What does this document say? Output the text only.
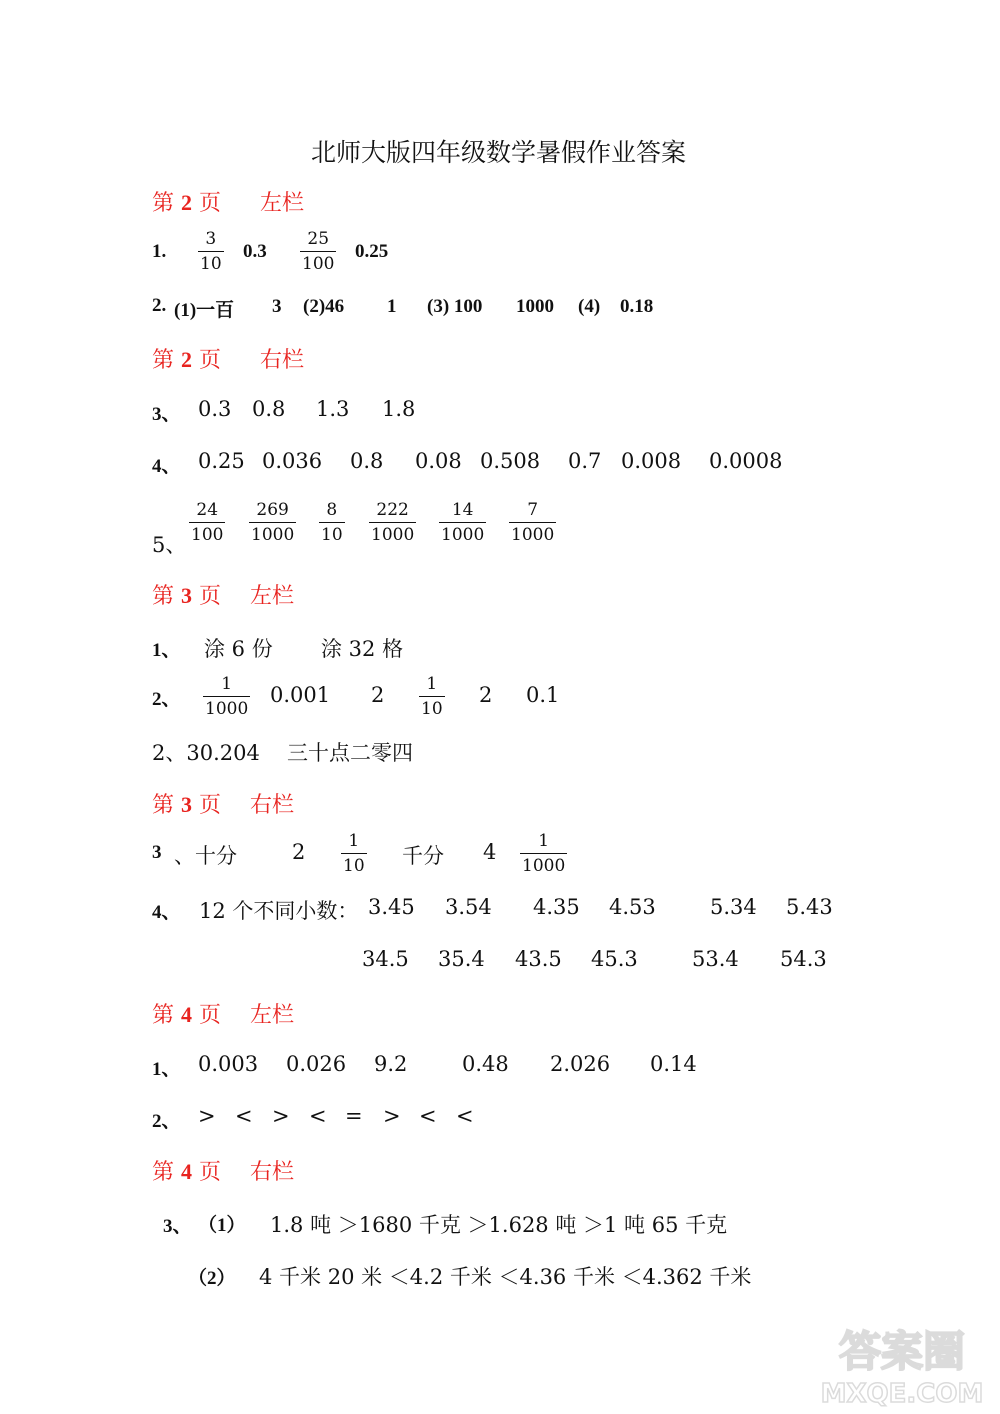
北师大版四年级数学暑假作业答案
第 2 页 左栏
1. $\frac{3}{10} 0.3 \frac{25}{100} 0.25$
2. (1)一百 3 (2)46 1 (3) 100 1000 (4) 0.18
第 2 页 右栏
3、 0.3 0.8 1.3 1.8
4、 0.25 0.036 0.8 0.08 0.508 0.7 0.008 0.0008
5、
$\frac{24}{100} \frac{269}{1000} \frac{8}{10} \frac{222}{1000} \frac{14}{1000} \frac{7}{1000}$
第 3 页 左栏
1、 涂 6 份 涂 32 格
2、 $\frac{1}{1000} 0.001$ $2 \frac{1}{10} 2$ 0.1
2、30.204 三十点二零四
第 3 页 右栏
3 、十分	$2 \frac{1}{10}$ 千分 $4 \frac{1}{1000}$
4、 12 个不同小数： 3.45 3.54 4.35 4.53	5.34 5.43
34.5 35.4 43.5 45.3	53.4 54.3
第 4 页 左栏
1、 0.003 0.026 9.2	0.48 2.026 0.14
2、 > < > < = > < <
第 4 页 右栏
3、 （1） 1.8 吨 ＞1680 千克 ＞1.628 吨 ＞1 吨 65 千克
（2） 4 千米 20 米 ＜4.2 千米 ＜4.36 千米 ＜4.362 千米
答案圈
MXQE.COM
